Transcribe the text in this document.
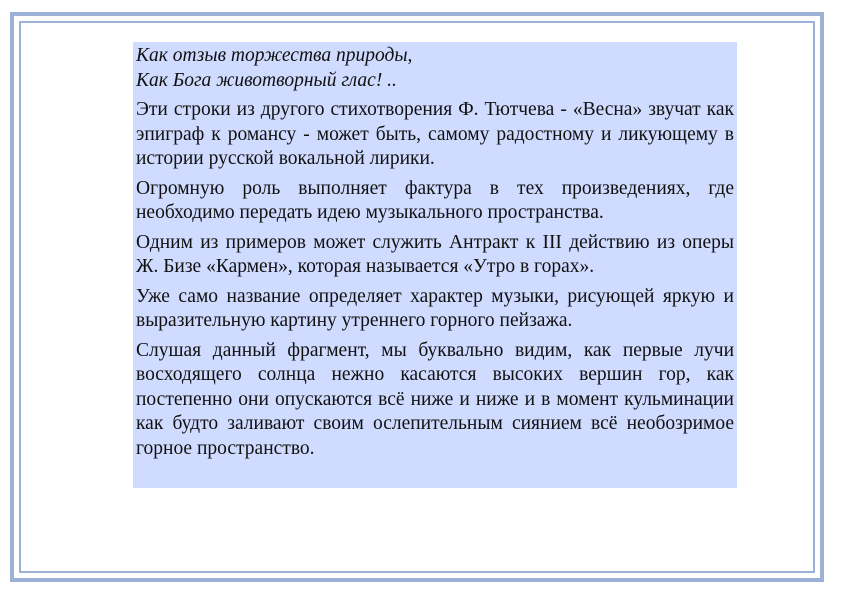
Как отзыв торжества природы,
Как Бога животворный глас! ..

Эти строки из другого стихотворения Ф. Тютчева - «Весна» звучат как эпиграф к романсу - может быть, самому радостному и ликующему в истории русской вокальной лирики.

Огромную роль выполняет фактура в тех произведениях, где необходимо передать идею музыкального пространства.

Одним из примеров может служить Антракт к III действию из оперы Ж. Бизе «Кармен», которая называется «Утро в горах».

Уже само название определяет характер музыки, рисующей яркую и выразительную картину утреннего горного пейзажа.

Слушая данный фрагмент, мы буквально видим, как первые лучи восходящего солнца нежно касаются высоких вершин гор, как постепенно они опускаются всё ниже и ниже и в момент кульминации как будто заливают своим ослепительным сиянием всё необозримое горное пространство.
